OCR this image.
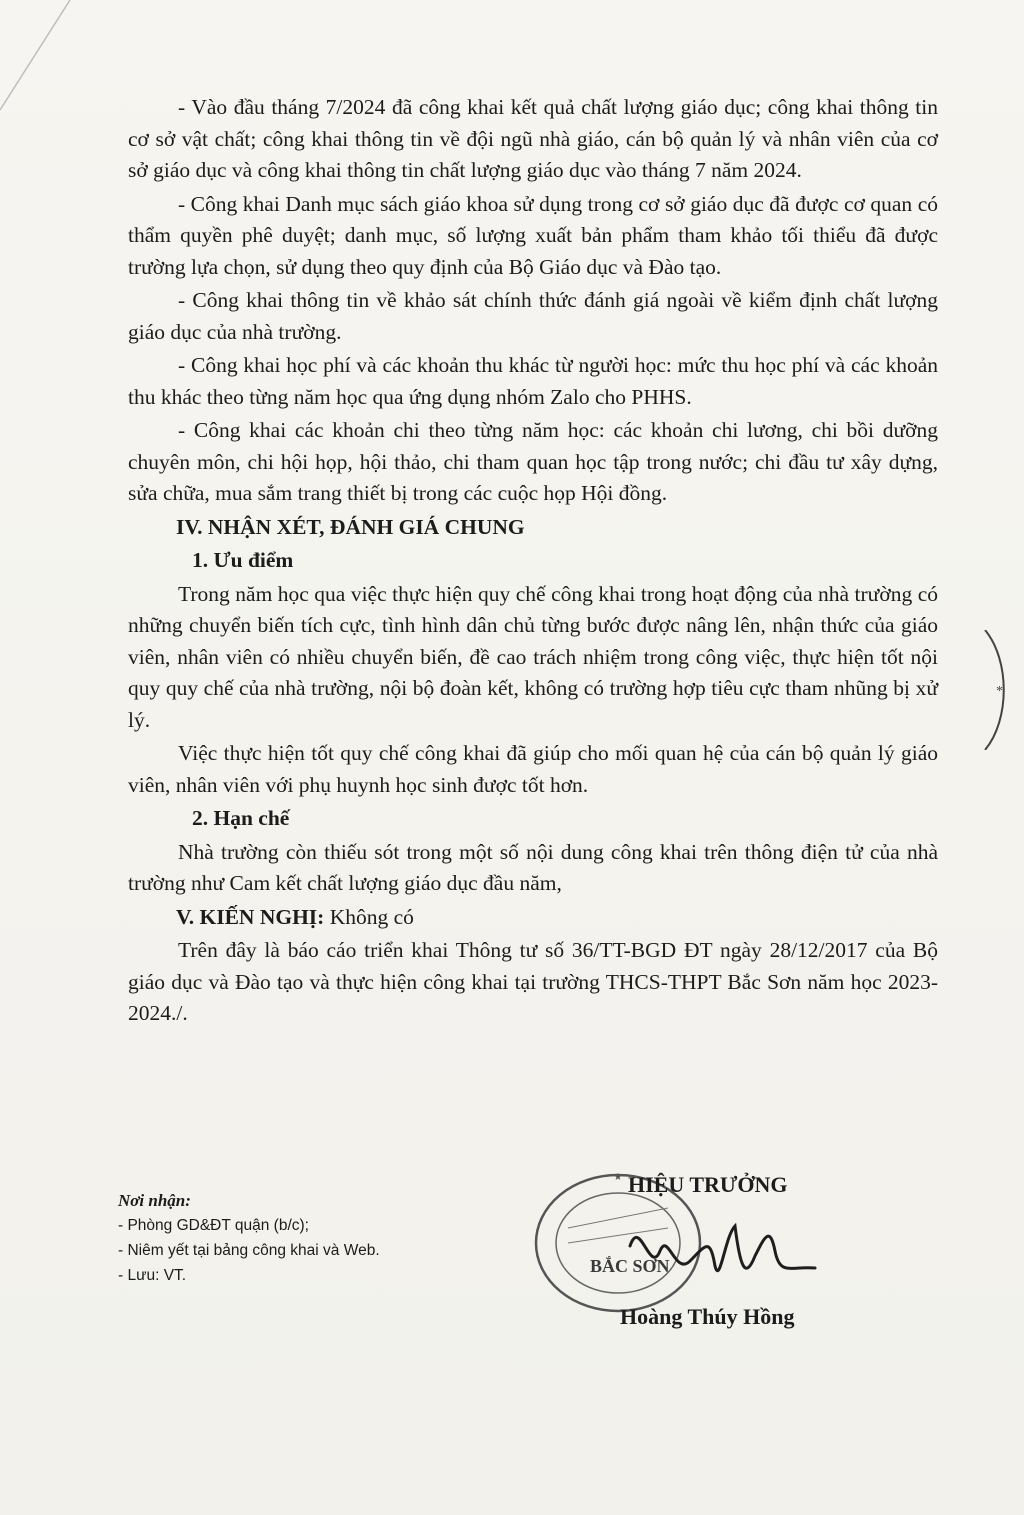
- Vào đầu tháng 7/2024 đã công khai kết quả chất lượng giáo dục; công khai thông tin cơ sở vật chất; công khai thông tin về đội ngũ nhà giáo, cán bộ quản lý và nhân viên của cơ sở giáo dục và công khai thông tin chất lượng giáo dục vào tháng 7 năm 2024.

- Công khai Danh mục sách giáo khoa sử dụng trong cơ sở giáo dục đã được cơ quan có thẩm quyền phê duyệt; danh mục, số lượng xuất bản phẩm tham khảo tối thiểu đã được trường lựa chọn, sử dụng theo quy định của Bộ Giáo dục và Đào tạo.

- Công khai thông tin về khảo sát chính thức đánh giá ngoài về kiểm định chất lượng giáo dục của nhà trường.

- Công khai học phí và các khoản thu khác từ người học: mức thu học phí và các khoản thu khác theo từng năm học qua ứng dụng nhóm Zalo cho PHHS.

- Công khai các khoản chi theo từng năm học: các khoản chi lương, chi bồi dưỡng chuyên môn, chi hội họp, hội thảo, chi tham quan học tập trong nước; chi đầu tư xây dựng, sửa chữa, mua sắm trang thiết bị trong các cuộc họp Hội đồng.

IV. NHẬN XÉT, ĐÁNH GIÁ CHUNG

1. Ưu điểm

Trong năm học qua việc thực hiện quy chế công khai trong hoạt động của nhà trường có những chuyển biến tích cực, tình hình dân chủ từng bước được nâng lên, nhận thức của giáo viên, nhân viên có nhiều chuyển biến, đề cao trách nhiệm trong công việc, thực hiện tốt nội quy quy chế của nhà trường, nội bộ đoàn kết, không có trường hợp tiêu cực tham nhũng bị xử lý.

Việc thực hiện tốt quy chế công khai đã giúp cho mối quan hệ của cán bộ quản lý giáo viên, nhân viên với phụ huynh học sinh được tốt hơn.

2. Hạn chế

Nhà trường còn thiếu sót trong một số nội dung công khai trên thông điện tử của nhà trường như Cam kết chất lượng giáo dục đầu năm,

V. KIẾN NGHỊ: Không có

Trên đây là báo cáo triển khai Thông tư số 36/TT-BGD ĐT ngày 28/12/2017 của Bộ giáo dục và Đào tạo và thực hiện công khai tại trường THCS-THPT Bắc Sơn năm học 2023-2024./.

Nơi nhận:

- Phòng GD&ĐT quận (b/c);

- Niêm yết tại bảng công khai và Web.

- Lưu: VT.	BẮC SƠN
★ HIỆU TRƯỞNG
Hoàng Thúy Hồng
*
